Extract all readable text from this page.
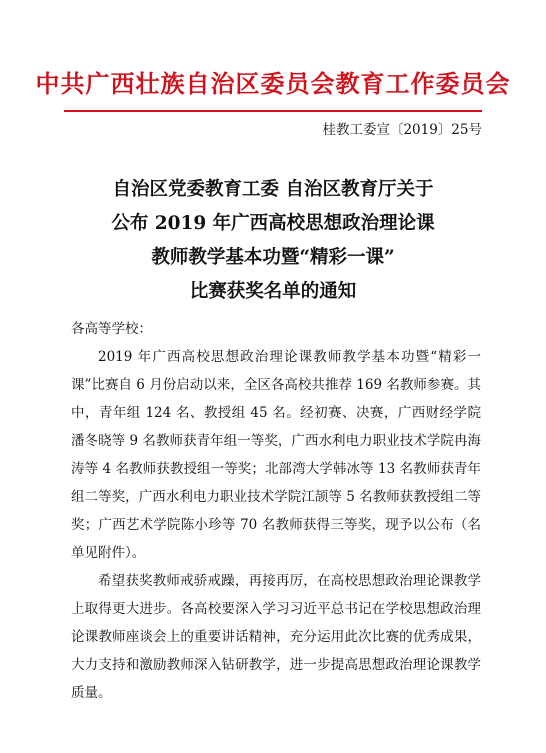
中共广西壮族自治区委员会教育工作委员会
桂教工委宣〔2019〕25号
自治区党委教育工委 自治区教育厅关于
公布 2019 年广西高校思想政治理论课
教师教学基本功暨“精彩一课”
比赛获奖名单的通知

各高等学校：

2019 年广西高校思想政治理论课教师教学基本功暨“精彩一课”比赛自 6 月份启动以来，全区各高校共推荐 169 名教师参赛。其中，青年组 124 名、教授组 45 名。经初赛、决赛，广西财经学院潘冬晓等 9 名教师获青年组一等奖，广西水利电力职业技术学院冉海涛等 4 名教师获教授组一等奖；北部湾大学韩冰等 13 名教师获青年组二等奖，广西水利电力职业技术学院江颉等 5 名教师获教授组二等奖；广西艺术学院陈小珍等 70 名教师获得三等奖，现予以公布（名单见附件）。

希望获奖教师戒骄戒躁，再接再厉，在高校思想政治理论课教学上取得更大进步。各高校要深入学习习近平总书记在学校思想政治理论课教师座谈会上的重要讲话精神，充分运用此次比赛的优秀成果，大力支持和激励教师深入钻研教学，进一步提高思想政治理论课教学质量。
